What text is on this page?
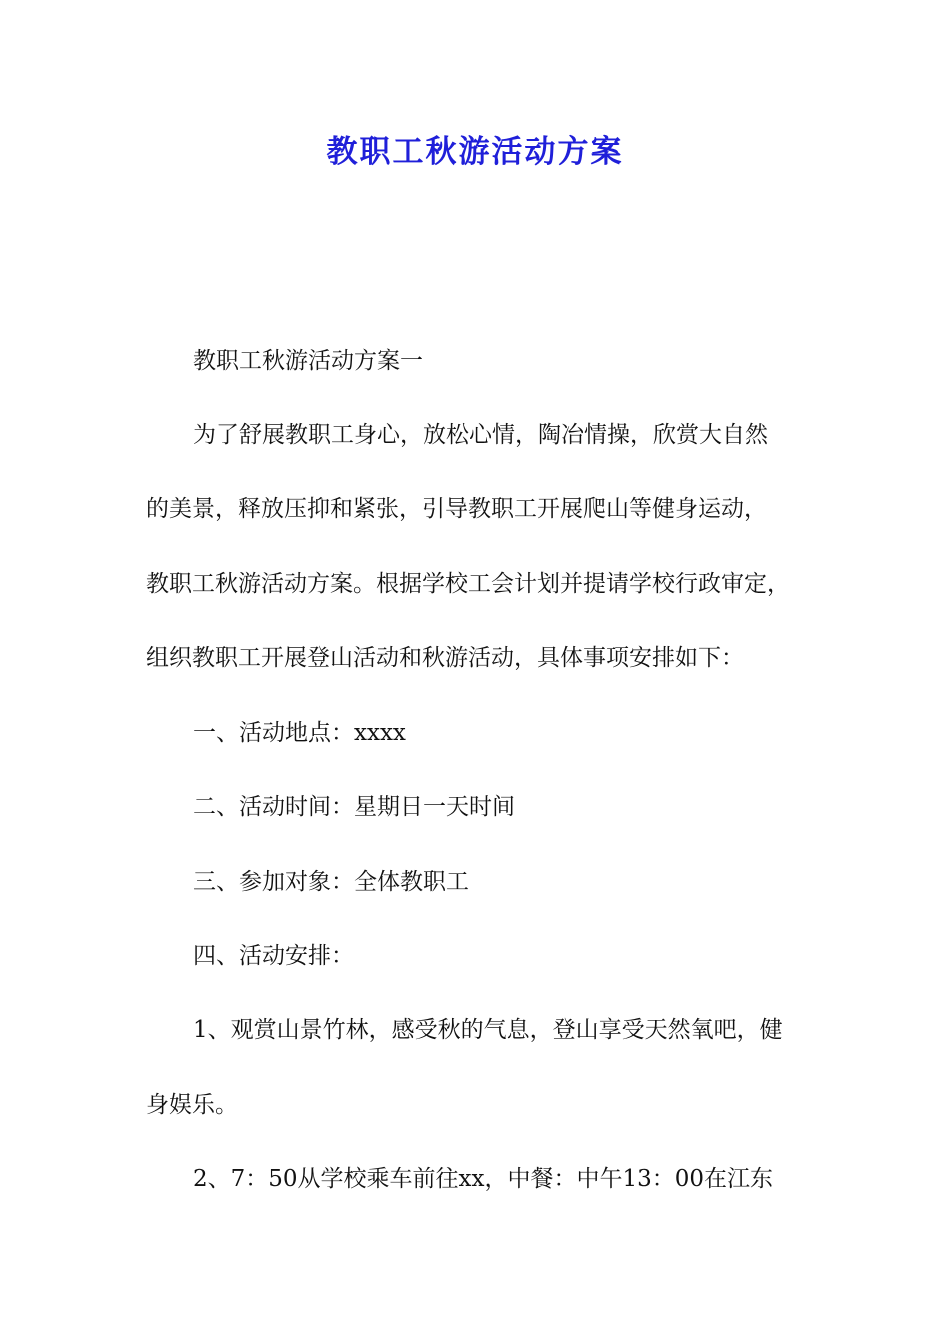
教职工秋游活动方案

教职工秋游活动方案一

为了舒展教职工身心，放松心情，陶冶情操，欣赏大自然

的美景，释放压抑和紧张，引导教职工开展爬山等健身运动，

教职工秋游活动方案。根据学校工会计划并提请学校行政审定，

组织教职工开展登山活动和秋游活动，具体事项安排如下：

一、活动地点：xxxx

二、活动时间：星期日一天时间

三、参加对象：全体教职工

四、活动安排：

1、观赏山景竹林，感受秋的气息，登山享受天然氧吧，健

身娱乐。

2、7：50从学校乘车前往xx，中餐：中午13：00在江东
